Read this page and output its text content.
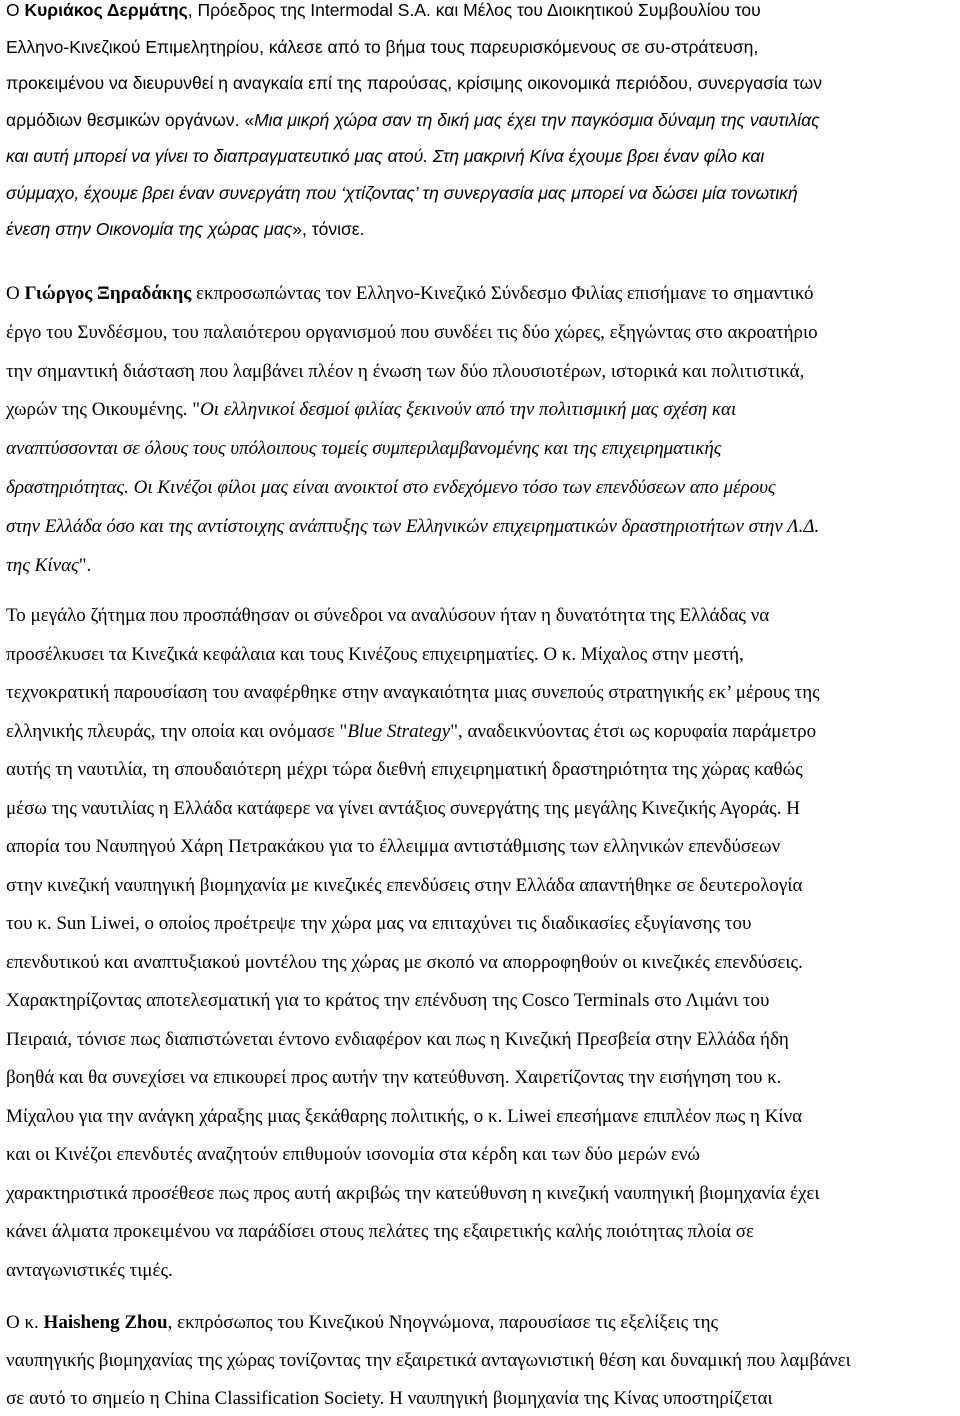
Ο Κυριάκος Δερμάτης, Πρόεδρος της Intermodal S.A. και Μέλος του Διοικητικού Συμβουλίου του
Ελληνο-Κινεζικού Επιμελητηρίου, κάλεσε από το βήμα τους παρευρισκόμενους σε συ-στράτευση,
προκειμένου να διευρυνθεί η αναγκαία επί της παρούσας, κρίσιμης οικονομικά περιόδου, συνεργασία των
αρμόδιων θεσμικών οργάνων. «Μια μικρή χώρα σαν τη δική μας έχει την παγκόσμια δύναμη της ναυτιλίας
και αυτή μπορεί να γίνει το διαπραγματευτικό μας ατού. Στη μακρινή Κίνα έχουμε βρει έναν φίλο και
σύμμαχο, έχουμε βρει έναν συνεργάτη που ‘χτίζοντας’ τη συνεργασία μας μπορεί να δώσει μία τονωτική
ένεση στην Οικονομία της χώρας μας», τόνισε.
Ο Γιώργος Ξηραδάκης εκπροσωπώντας τον Ελληνο-Κινεζικό Σύνδεσμο Φιλίας επισήμανε το σημαντικό
έργο του Συνδέσμου, του παλαιότερου οργανισμού που συνδέει τις δύο χώρες, εξηγώντας στο ακροατήριο
την σημαντική διάσταση που λαμβάνει πλέον η ένωση των δύο πλουσιοτέρων, ιστορικά και πολιτιστικά,
χωρών της Οικουμένης. "Οι ελληνικοί δεσμοί φιλίας ξεκινούν από την πολιτισμική μας σχέση και
αναπτύσσονται σε όλους τους υπόλοιπους τομείς συμπεριλαμβανομένης και της επιχειρηματικής
δραστηριότητας. Οι Κινέζοι φίλοι μας είναι ανοικτοί στο ενδεχόμενο τόσο των επενδύσεων απο μέρους
στην Ελλάδα όσο και της αντίστοιχης ανάπτυξης των Ελληνικών επιχειρηματικών δραστηριοτήτων στην Λ.Δ.
της Κίνας".
Το μεγάλο ζήτημα που προσπάθησαν οι σύνεδροι να αναλύσουν ήταν η δυνατότητα της Ελλάδας να
προσέλκυσει τα Κινεζικά κεφάλαια και τους Κινέζους επιχειρηματίες. Ο κ. Μίχαλος στην μεστή,
τεχνοκρατική παρουσίαση του αναφέρθηκε στην αναγκαιότητα μιας συνεπούς στρατηγικής εκ’ μέρους της
ελληνικής πλευράς, την οποία και ονόμασε "Blue Strategy", αναδεικνύοντας έτσι ως κορυφαία παράμετρο
αυτής τη ναυτιλία, τη σπουδαιότερη μέχρι τώρα διεθνή επιχειρηματική δραστηριότητα της χώρας καθώς
μέσω της ναυτιλίας η Ελλάδα κατάφερε να γίνει αντάξιος συνεργάτης της μεγάλης Κινεζικής Αγοράς. Η
απορία του Ναυπηγού Χάρη Πετρακάκου για το έλλειμμα αντιστάθμισης των ελληνικών επενδύσεων
στην κινεζική ναυπηγική βιομηχανία με κινεζικές επενδύσεις στην Ελλάδα απαντήθηκε σε δευτερολογία
του κ. Sun Liwei, ο οποίος προέτρεψε την χώρα μας να επιταχύνει τις διαδικασίες εξυγίανσης του
επενδυτικού και αναπτυξιακού μοντέλου της χώρας με σκοπό να απορροφηθούν οι κινεζικές επενδύσεις.
Χαρακτηρίζοντας αποτελεσματική για το κράτος την επένδυση της Cosco Terminals στο Λιμάνι του
Πειραιά, τόνισε πως διαπιστώνεται έντονο ενδιαφέρον και πως η Κινεζική Πρεσβεία στην Ελλάδα ήδη
βοηθά και θα συνεχίσει να επικουρεί προς αυτήν την κατεύθυνση. Χαιρετίζοντας την εισήγηση του κ.
Μίχαλου για την ανάγκη χάραξης μιας ξεκάθαρης πολιτικής, ο κ. Liwei επεσήμανε επιπλέον πως η Κίνα
και οι Κινέζοι επενδυτές αναζητούν επιθυμούν ισονομία στα κέρδη και των δύο μερών ενώ
χαρακτηριστικά προσέθεσε πως προς αυτή ακριβώς την κατεύθυνση η κινεζική ναυπηγική βιομηχανία έχει
κάνει άλματα προκειμένου να παράδίσει στους πελάτες της εξαιρετικής καλής ποιότητας πλοία σε
ανταγωνιστικές τιμές.
Ο κ. Haisheng Zhou, εκπρόσωπος του Κινεζικού Νηογνώμονα, παρουσίασε τις εξελίξεις της
ναυπηγικής βιομηχανίας της χώρας τονίζοντας την εξαιρετικά ανταγωνιστική θέση και δυναμική που λαμβάνει
σε αυτό το σημείο η China Classification Society. Η ναυπηγική βιομηχανία της Κίνας υποστηρίζεται
